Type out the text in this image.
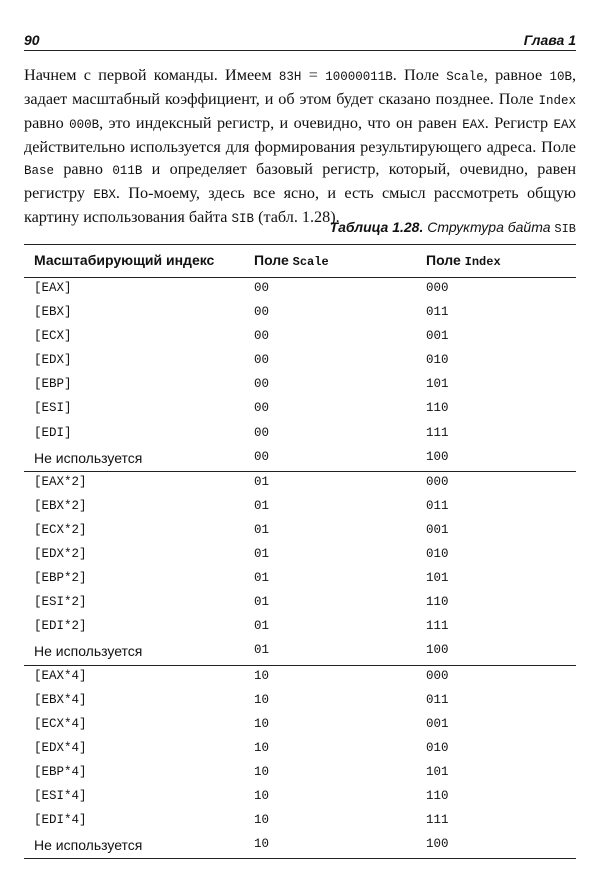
90	Глава 1

Начнем с первой команды. Имеем 83H = 10000011B. Поле Scale, равное 10B, задает масштабный коэффициент, и об этом будет сказано позднее. Поле Index равно 000B, это индексный регистр, и очевидно, что он равен EAX. Регистр EAX действительно используется для формирования результирующего адреса. Поле Base равно 011B и определяет базовый регистр, который, очевидно, равен регистру EBX. По-моему, здесь все ясно, и есть смысл рассмотреть общую картину использования байта SIB (табл. 1.28).

Таблица 1.28. Структура байта SIB
Масштабирующий индекс	Поле Scale	Поле Index
[EAX]	00	000
[EBX]	00	011
[ECX]	00	001
[EDX]	00	010
[EBP]	00	101
[ESI]	00	110
[EDI]	00	111
Не используется	00	100
[EAX*2]	01	000
[EBX*2]	01	011
[ECX*2]	01	001
[EDX*2]	01	010
[EBP*2]	01	101
[ESI*2]	01	110
[EDI*2]	01	111
Не используется	01	100
[EAX*4]	10	000
[EBX*4]	10	011
[ECX*4]	10	001
[EDX*4]	10	010
[EBP*4]	10	101
[ESI*4]	10	110
[EDI*4]	10	111
Не используется	10	100
